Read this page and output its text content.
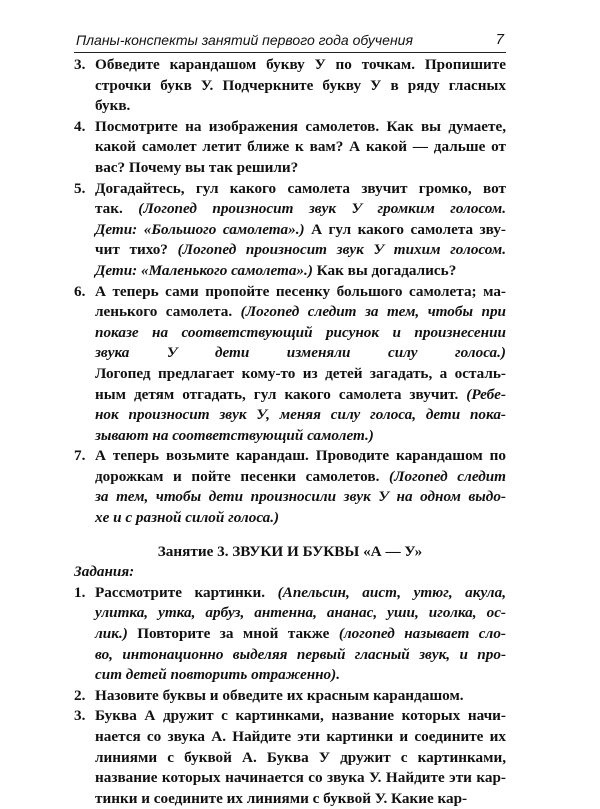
Планы-конспекты занятий первого года обучения	7
3. Обведите карандашом букву У по точкам. Пропишите
строчки букв У. Подчеркните букву У в ряду гласных
букв.
4. Посмотрите на изображения самолетов. Как вы думаете,
какой самолет летит ближе к вам? А какой — дальше от
вас? Почему вы так решили?
5. Догадайтесь, гул какого самолета звучит громко, вот
так. (Логопед произносит звук У громким голосом.
Дети: «Большого самолета».) А гул какого самолета зву-
чит тихо? (Логопед произносит звук У тихим голосом.
Дети: «Маленького самолета».) Как вы догадались?
6. А теперь сами пропойте песенку большого самолета; ма-
ленького самолета. (Логопед следит за тем, чтобы при
показе на соответствующий рисунок и произнесении
звука У дети изменяли силу голоса.)
Логопед предлагает кому-то из детей загадать, а осталь-
ным детям отгадать, гул какого самолета звучит. (Ребе-
нок произносит звук У, меняя силу голоса, дети пока-
зывают на соответствующий самолет.)
7. А теперь возьмите карандаш. Проводите карандашом по
дорожкам и пойте песенки самолетов. (Логопед следит
за тем, чтобы дети произносили звук У на одном выдо-
хе и с разной силой голоса.)
Занятие 3. ЗВУКИ И БУКВЫ «А — У»
Задания:
1. Рассмотрите картинки. (Апельсин, аист, утюг, акула,
улитка, утка, арбуз, антенна, ананас, уши, иголка, ос-
лик.) Повторите за мной также (логопед называет сло-
во, интонационно выделяя первый гласный звук, и про-
сит детей повторить отраженно).
2. Назовите буквы и обведите их красным карандашом.
3. Буква А дружит с картинками, название которых начи-
нается со звука А. Найдите эти картинки и соедините их
линиями с буквой А. Буква У дружит с картинками,
название которых начинается со звука У. Найдите эти кар-
тинки и соедините их линиями с буквой У. Какие кар-
